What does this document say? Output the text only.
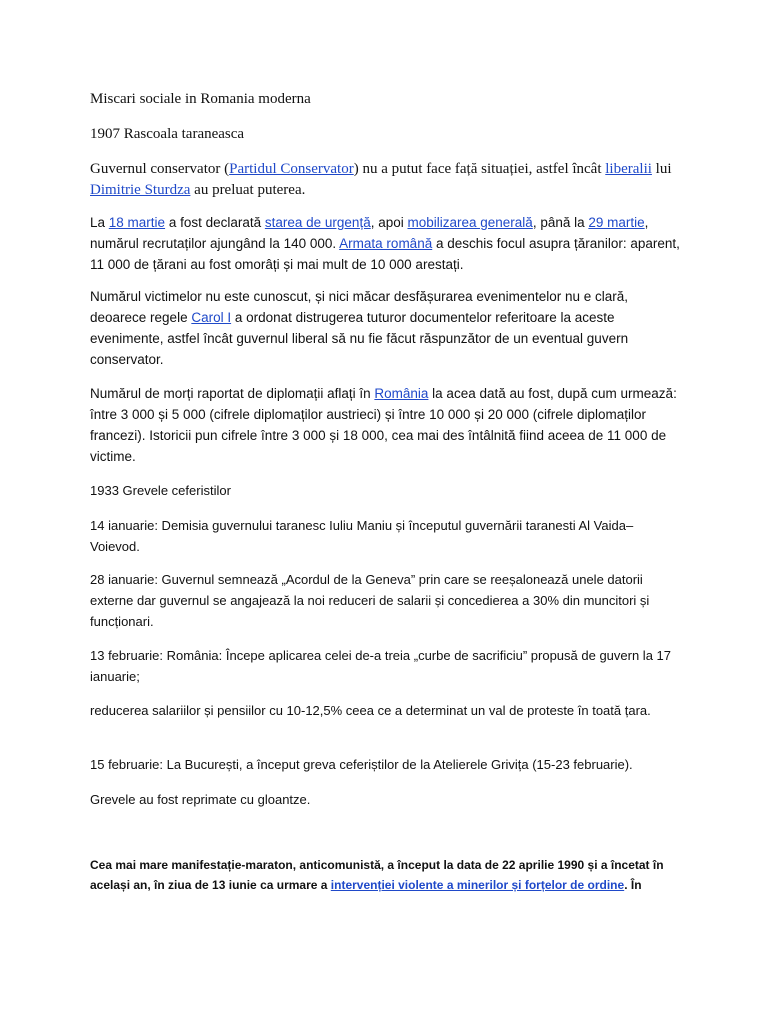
Miscari sociale in Romania moderna

1907 Rascoala taraneasca

Guvernul conservator (Partidul Conservator) nu a putut face față situației, astfel încât liberalii lui Dimitrie Sturdza au preluat puterea.

La 18 martie a fost declarată starea de urgență, apoi mobilizarea generală, până la 29 martie, numărul recrutaților ajungând la 140 000. Armata română a deschis focul asupra țăranilor: aparent, 11 000 de țărani au fost omorâți și mai mult de 10 000 arestați.

Numărul victimelor nu este cunoscut, și nici măcar desfășurarea evenimentelor nu e clară, deoarece regele Carol I a ordonat distrugerea tuturor documentelor referitoare la aceste evenimente, astfel încât guvernul liberal să nu fie făcut răspunzător de un eventual guvern conservator.

Numărul de morți raportat de diplomații aflați în România la acea dată au fost, după cum urmează: între 3 000 și 5 000 (cifrele diplomaților austrieci) și între 10 000 și 20 000 (cifrele diplomaților francezi). Istoricii pun cifrele între 3 000 și 18 000, cea mai des întâlnită fiind aceea de 11 000 de victime.

1933 Grevele ceferistilor

14 ianuarie: Demisia guvernului taranesc Iuliu Maniu și începutul guvernării taranesti Al Vaida–Voievod.

28 ianuarie: Guvernul semnează „Acordul de la Geneva” prin care se reeșalonează unele datorii externe dar guvernul se angajează la noi reduceri de salarii și concedierea a 30% din muncitori și funcționari.

13 februarie: România: Începe aplicarea celei de-a treia „curbe de sacrificiu” propusă de guvern la 17 ianuarie;

reducerea salariilor și pensiilor cu 10-12,5% ceea ce a determinat un val de proteste în toată țara.

15 februarie: La București, a început greva ceferiștilor de la Atelierele Grivița (15-23 februarie).

Grevele au fost reprimate cu gloantze.

Cea mai mare manifestație-maraton, anticomunistă, a început la data de 22 aprilie 1990 și a încetat în același an, în ziua de 13 iunie ca urmare a intervenției violente a minerilor și forțelor de ordine. În
